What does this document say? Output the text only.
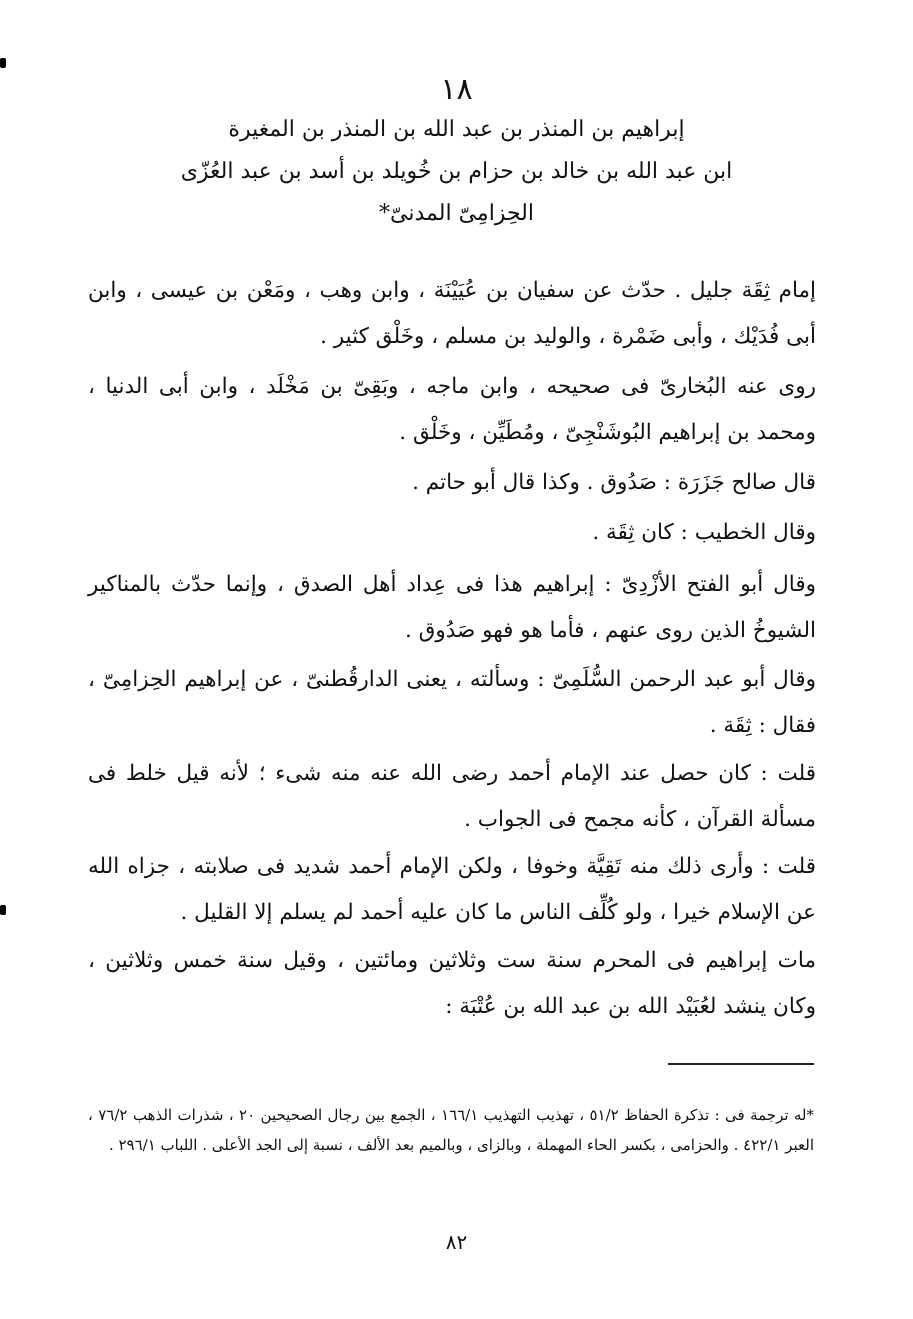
١٨
إبراهيم بن المنذر بن عبد الله بن المنذر بن المغيرة
ابن عبد الله بن خالد بن حزام بن خُويلد بن أسد بن عبد العُزّى
الحِزامِىّ المدنىّ*
إمام ثِقَة جليل . حدّث عن سفيان بن عُيَيْنَة ، وابن وهب ، ومَعْن بن عيسى ، وابن أبى فُدَيْك ، وأبى ضَمْرة ، والوليد بن مسلم ، وخَلْق كثير .
روى عنه البُخارىّ فى صحيحه ، وابن ماجه ، وبَقِىّ بن مَخْلَد ، وابن أبى الدنيا ، ومحمد بن إبراهيم البُوشَنْجِىّ ، ومُطَيِّن ، وخَلْق .
قال صالح جَزَرَة : صَدُوق . وكذا قال أبو حاتم .
وقال الخطيب : كان ثِقَة .
وقال أبو الفتح الأزْدِىّ : إبراهيم هذا فى عِداد أهل الصدق ، وإنما حدّث بالمناكير الشيوخُ الذين روى عنهم ، فأما هو فهو صَدُوق .
وقال أبو عبد الرحمن السُّلَمِىّ : وسألته ، يعنى الدارقُطنىّ ، عن إبراهيم الحِزامِىّ ، فقال : ثِقَة .
قلت : كان حصل عند الإمام أحمد رضى الله عنه منه شىء ؛ لأنه قيل خلط فى مسألة القرآن ، كأنه مجمح فى الجواب .
قلت : وأرى ذلك منه تَقِيَّة وخوفا ، ولكن الإمام أحمد شديد فى صلابته ، جزاه الله عن الإسلام خيرا ، ولو كُلِّف الناس ما كان عليه أحمد لم يسلم إلا القليل .
مات إبراهيم فى المحرم سنة ست وثلاثين ومائتين ، وقيل سنة خمس وثلاثين ، وكان ينشد لعُبَيْد الله بن عبد الله بن عُتْبَة :
*له ترجمة فى : تذكرة الحفاظ ٥١/٢ ، تهذيب التهذيب ١٦٦/١ ، الجمع بين رجال الصحيحين ٢٠ ، شذرات الذهب ٧٦/٢ ، العبر ٤٢٢/١ . والحزامى ، بكسر الحاء المهملة ، وبالزاى ، وبالميم بعد الألف ، نسبة إلى الجد الأعلى . اللباب ٢٩٦/١ .
٨٢
